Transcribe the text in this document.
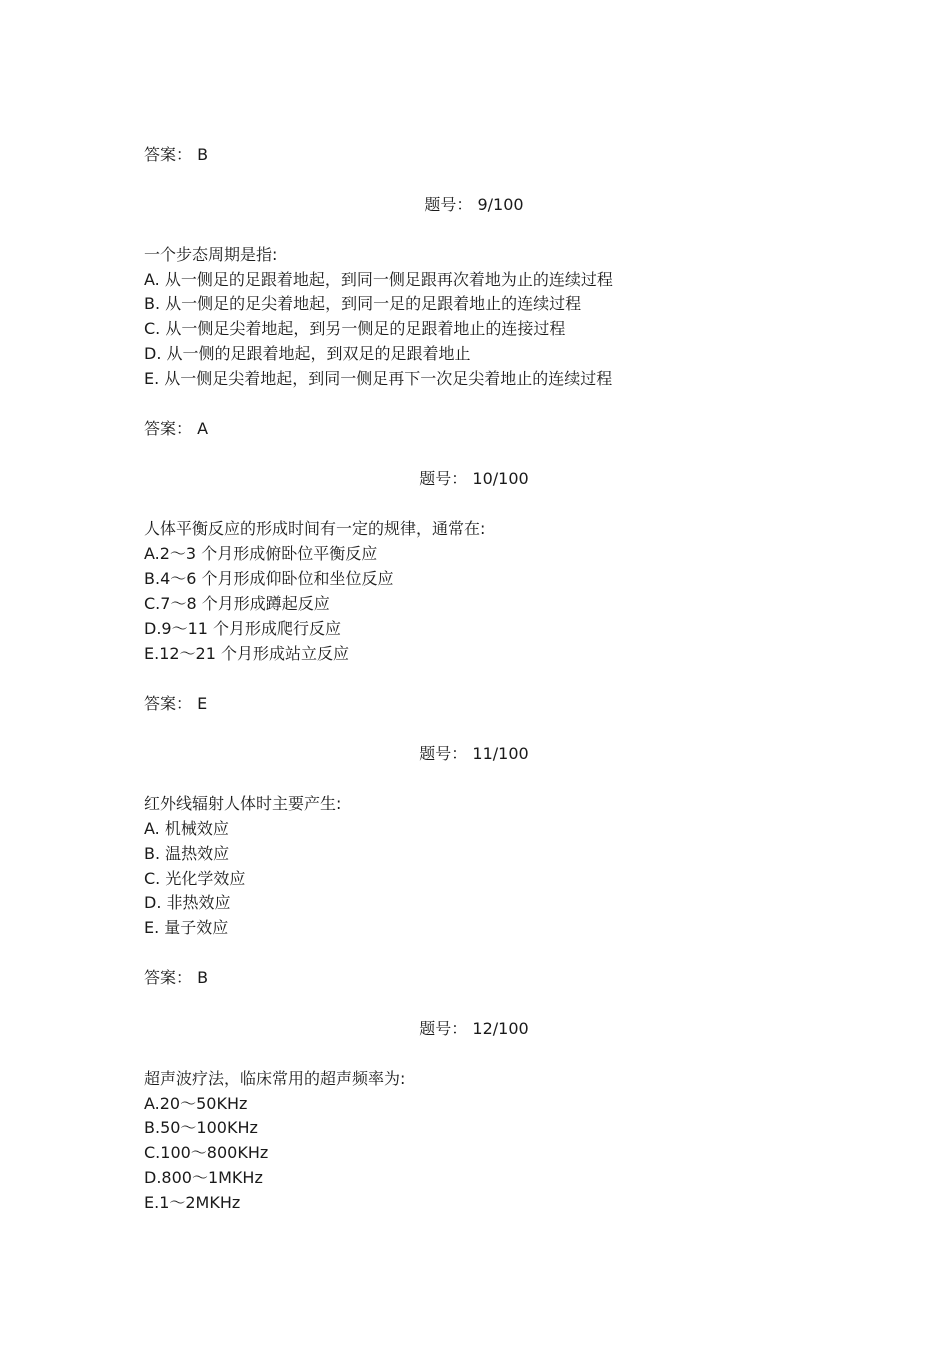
答案： B
题号： 9/100
一个步态周期是指:
A. 从一侧足的足跟着地起，到同一侧足跟再次着地为止的连续过程
B. 从一侧足的足尖着地起，到同一足的足跟着地止的连续过程
C. 从一侧足尖着地起，到另一侧足的足跟着地止的连接过程
D. 从一侧的足跟着地起，到双足的足跟着地止
E. 从一侧足尖着地起，到同一侧足再下一次足尖着地止的连续过程
答案： A
题号： 10/100
人体平衡反应的形成时间有一定的规律，通常在:
A.2～3 个月形成俯卧位平衡反应
B.4～6 个月形成仰卧位和坐位反应
C.7～8 个月形成蹲起反应
D.9～11 个月形成爬行反应
E.12～21 个月形成站立反应
答案： E
题号： 11/100
红外线辐射人体时主要产生:
A. 机械效应
B. 温热效应
C. 光化学效应
D. 非热效应
E. 量子效应
答案： B
题号： 12/100
超声波疗法，临床常用的超声频率为:
A.20～50KHz
B.50～100KHz
C.100～800KHz
D.800～1MKHz
E.1～2MKHz
